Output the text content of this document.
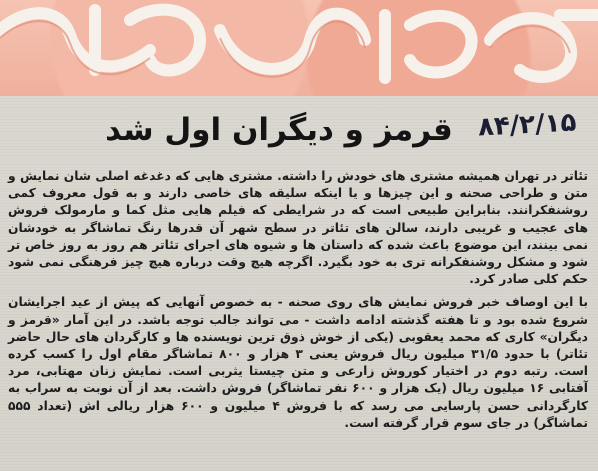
۸۴/۲/۱۵
قرمز و دیگران اول شد

تئاتر در تهران همیشه مشتری های خودش را داشته. مشتری هایی که دغدغه اصلی شان نمایش و متن و طراحی صحنه و این چیزها و یا اینکه سلیقه های خاصی دارند و به قول معروف کمی روشنفکرانند. بنابراین طبیعی است که در شرایطی که فیلم هایی مثل کما و مارمولک فروش های عجیب و غریبی دارند، سالن های تئاتر در سطح شهر آن قدرها رنگ تماشاگر به خودشان نمی بینند، این موضوع باعث شده که داستان ها و شیوه های اجرای تئاتر هم روز به روز خاص تر شود و مشکل روشنفکرانه تری به خود بگیرد. اگرچه هیچ وقت درباره هیچ چیز فرهنگی نمی شود حکم کلی صادر کرد.

با این اوصاف خبر فروش نمایش های روی صحنه - به خصوص آنهایی که پیش از عید اجرایشان شروع شده بود و تا هفته گذشته ادامه داشت - می تواند جالب توجه باشد. در این آمار «قرمز و دیگران» کاری که محمد یعقوبی (یکی از خوش ذوق ترین نویسنده ها و کارگردان های حال حاضر تئاتر) با حدود ۳۱/۵ میلیون ریال فروش یعنی ۳ هزار و ۸۰۰ تماشاگر مقام اول را کسب کرده است. رتبه دوم در اختیار کوروش زارعی و متن چیستا یثربی است. نمایش زنان مهتابی، مرد آفتابی ۱۶ میلیون ریال (یک هزار و ۶۰۰ نفر تماشاگر) فروش داشت. بعد از آن نوبت به سراب به کارگردانی حسن پارسایی می رسد که با فروش ۴ میلیون و ۶۰۰ هزار ریالی اش (تعداد ۵۵۵ تماشاگر) در جای سوم قرار گرفته است.
